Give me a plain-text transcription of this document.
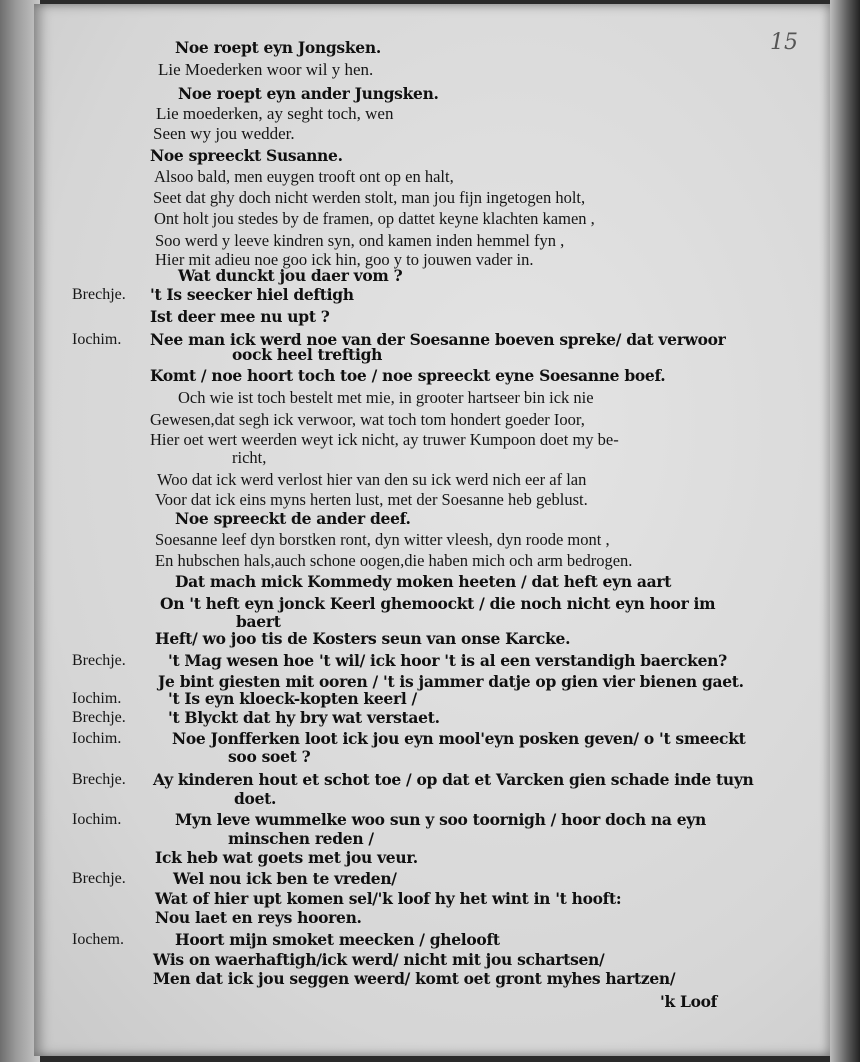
15
Noe roept eyn Jongsken.
Lie Moederken woor wil y hen.
Noe roept eyn ander Jungsken.
Lie moederken, ay seght toch, wen
Seen wy jou wedder.
Noe spreeckt Susanne.
Alsoo bald, men euygen trooft ont op en halt,
Seet dat ghy doch nicht werden stolt, man jou fijn ingetogen holt,
Ont holt jou stedes by de framen, op dattet keyne klachten kamen ,
Soo werd y leeve kindren syn, ond kamen inden hemmel fyn ,
Hier mit adieu noe goo ick hin, goo y to jouwen vader in.
Wat dunckt jou daer vom ?
't Is seecker hiel deftigh
Brechje.
Ist deer mee nu upt ?
Nee man ick werd noe van der Soesanne boeven spreke/ dat verwoor
Iochim.
oock heel treftigh
Komt / noe hoort toch toe / noe spreeckt eyne Soesanne boef.
Och wie ist toch bestelt met mie, in grooter hartseer bin ick nie
Gewesen,dat segh ick verwoor, wat toch tom hondert goeder Ioor,
Hier oet wert weerden weyt ick nicht, ay truwer Kumpoon doet my be-
richt,
Woo dat ick werd verlost hier van den su ick werd nich eer af lan
Voor dat ick eins myns herten lust, met der Soesanne heb geblust.
Noe spreeckt de ander deef.
Soesanne leef dyn borstken ront, dyn witter vleesh, dyn roode mont ,
En hubschen hals,auch schone oogen,die haben mich och arm bedrogen.
Dat mach mick Kommedy moken heeten / dat heft eyn aart
On 't heft eyn jonck Keerl ghemoockt / die noch nicht eyn hoor im
baert
Heft/ wo joo tis de Kosters seun van onse Karcke.
't Mag wesen hoe 't wil/ ick hoor 't is al een verstandigh baercken?
Brechje.
Je bint giesten mit ooren / 't is jammer datje op gien vier bienen gaet.
't Is eyn kloeck-kopten keerl /
Iochim.
't Blyckt dat hy bry wat verstaet.
Brechje.
Noe Jonfferken loot ick jou eyn mool'eyn posken geven/ o 't smeeckt
Iochim.
soo soet ?
Ay kinderen hout et schot toe / op dat et Varcken gien schade inde tuyn
Brechje.
doet.
Myn leve wummelke woo sun y soo toornigh / hoor doch na eyn
Iochim.
minschen reden /
Ick heb wat goets met jou veur.
Wel nou ick ben te vreden/
Brechje.
Wat of hier upt komen sel/'k loof hy het wint in 't hooft:
Nou laet en reys hooren.
Hoort mijn smoket meecken / ghelooft
Iochem.
Wis on waerhaftigh/ick werd/ nicht mit jou schartsen/
Men dat ick jou seggen weerd/ komt oet gront myhes hartzen/
'k Loof
